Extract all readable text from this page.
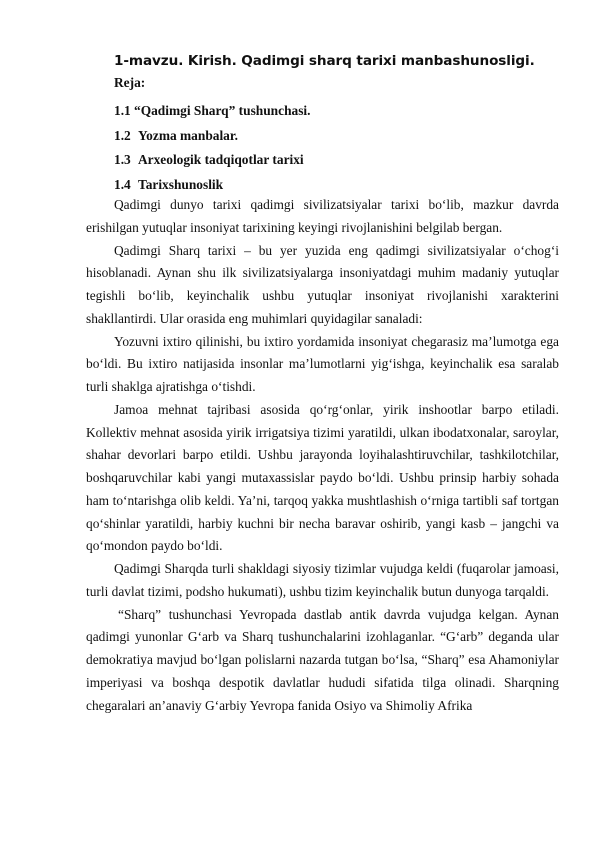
1-mavzu. Kirish. Qadimgi sharq tarixi manbashunosligi.
Reja:
1.1 “Qadimgi Sharq” tushunchasi.
1.2 Yozma manbalar.
1.3 Arxeologik tadqiqotlar tarixi
1.4 Tarixshunoslik

Qadimgi dunyo tarixi qadimgi sivilizatsiyalar tarixi bo‘lib, mazkur davrda erishilgan yutuqlar insoniyat tarixining keyingi rivojlanishini belgilab bergan.

Qadimgi Sharq tarixi – bu yer yuzida eng qadimgi sivilizatsiyalar o‘chog‘i hisoblanadi. Aynan shu ilk sivilizatsiyalarga insoniyatdagi muhim madaniy yutuqlar tegishli bo‘lib, keyinchalik ushbu yutuqlar insoniyat rivojlanishi xarakterini shakllantirdi. Ular orasida eng muhimlari quyidagilar sanaladi:

Yozuvni ixtiro qilinishi, bu ixtiro yordamida insoniyat chegarasiz ma’lumotga ega bo‘ldi. Bu ixtiro natijasida insonlar ma’lumotlarni yig‘ishga, keyinchalik esa saralab turli shaklga ajratishga o‘tishdi.

Jamoa mehnat tajribasi asosida qo‘rg‘onlar, yirik inshootlar barpo etiladi. Kollektiv mehnat asosida yirik irrigatsiya tizimi yaratildi, ulkan ibodatxonalar, saroylar, shahar devorlari barpo etildi. Ushbu jarayonda loyihalashtiruvchilar, tashkilotchilar, boshqaruvchilar kabi yangi mutaxassislar paydo bo‘ldi. Ushbu prinsip harbiy sohada ham to‘ntarishga olib keldi. Ya’ni, tarqoq yakka mushtlashish o‘rniga tartibli saf tortgan qo‘shinlar yaratildi, harbiy kuchni bir necha baravar oshirib, yangi kasb – jangchi va qo‘mondon paydo bo‘ldi.

Qadimgi Sharqda turli shakldagi siyosiy tizimlar vujudga keldi (fuqarolar jamoasi, turli davlat tizimi, podsho hukumati), ushbu tizim keyinchalik butun dunyoga tarqaldi.

“Sharq” tushunchasi Yevropada dastlab antik davrda vujudga kelgan. Aynan qadimgi yunonlar G‘arb va Sharq tushunchalarini izohlaganlar. “G‘arb” deganda ular demokratiya mavjud bo‘lgan polislarni nazarda tutgan bo‘lsa, “Sharq” esa Ahamoniylar imperiyasi va boshqa despotik davlatlar hududi sifatida tilga olinadi. Sharqning chegaralari an’anaviy G‘arbiy Yevropa fanida Osiyo va Shimoliy Afrika
